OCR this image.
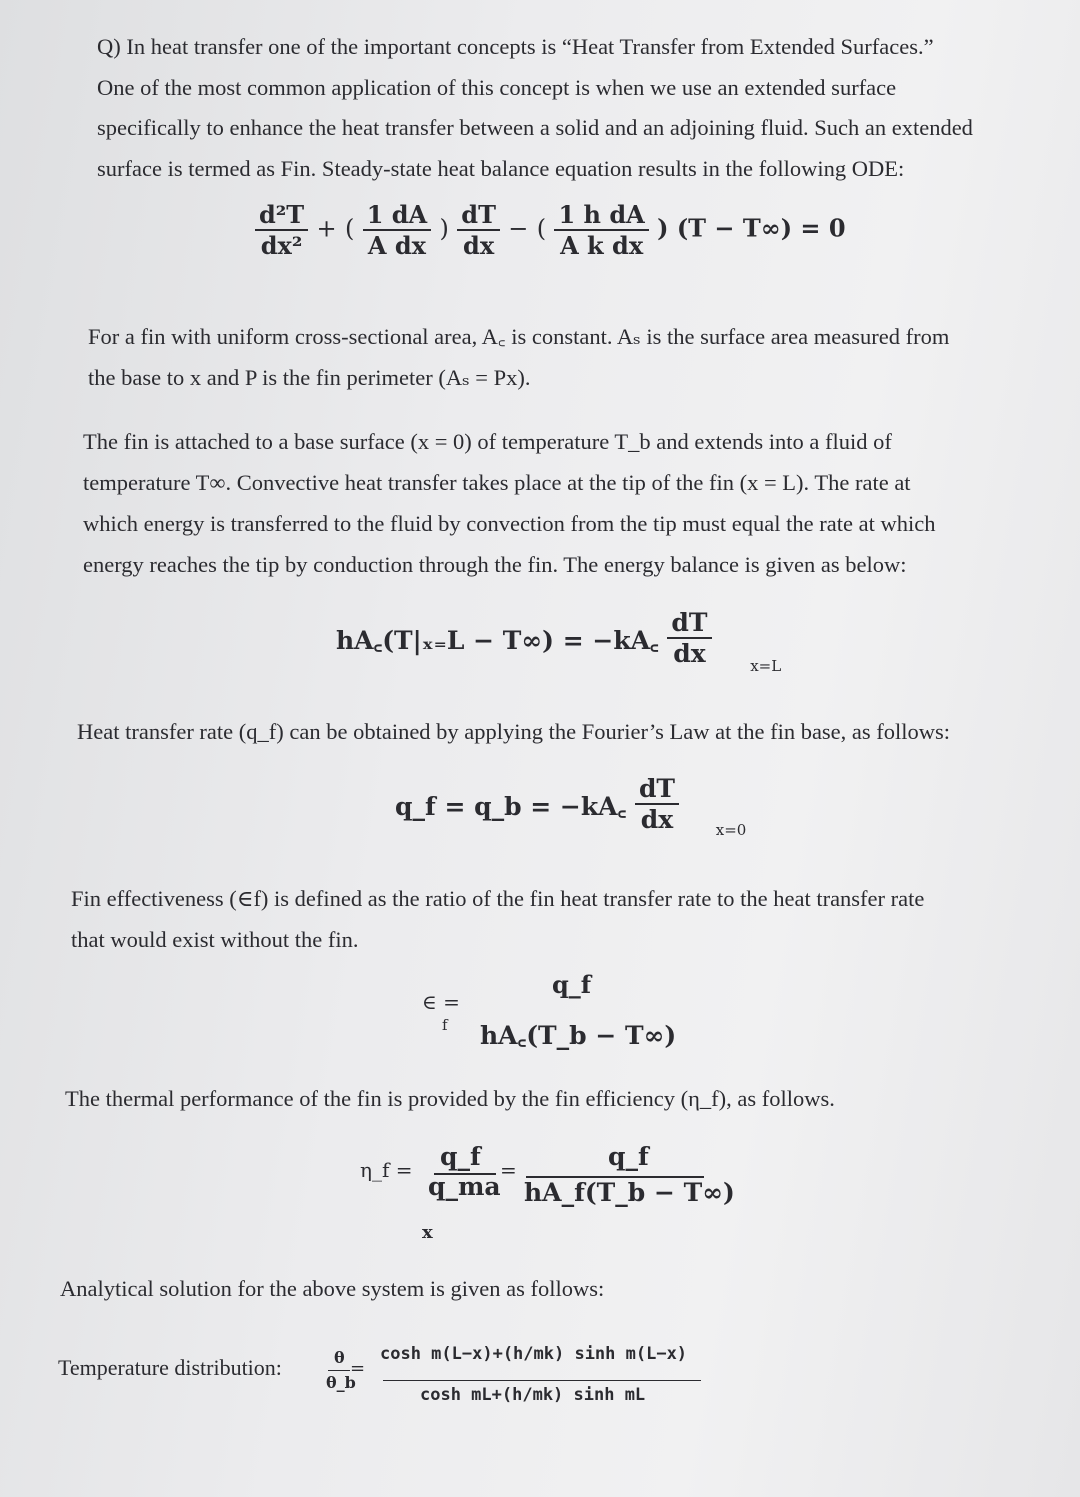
Q) In heat transfer one of the important concepts is “Heat Transfer from Extended Surfaces.”
One of the most common application of this concept is when we use an extended surface
specifically to enhance the heat transfer between a solid and an adjoining fluid. Such an extended
surface is termed as Fin. Steady-state heat balance equation results in the following ODE:
$\frac{\text{d²T}}{\text{dx²}}$ + ( $\frac{1 dA}{\text{A dx}}$ ) $\frac{dT}{dx}$ − ( $\frac{\text{1 h dA}}{\text{A k dx}}$ ) (T − T∞) = 0
For a fin with uniform cross-sectional area, A꜀ is constant. Aₛ is the surface area measured from
the base to x and P is the fin perimeter (Aₛ = Px).
The fin is attached to a base surface (x = 0) of temperature T_b and extends into a fluid of
temperature T∞. Convective heat transfer takes place at the tip of the fin (x = L). The rate at
which energy is transferred to the fluid by convection from the tip must equal the rate at which
energy reaches the tip by conduction through the fin. The energy balance is given as below:
hA꜀(T|ₓ₌L − T∞) = −kA꜀ $\frac{dT}{dx}$	$_{x=L}$
Heat transfer rate (q_f) can be obtained by applying the Fourier’s Law at the fin base, as follows:
q_f = q_b = −kA꜀ $\frac{dT}{dx} _{x=0}$
Fin effectiveness (∈f) is defined as the ratio of the fin heat transfer rate to the heat transfer rate
that would exist without the fin.
∈ =
f
q_f
hA꜀(T_b − T∞)
The thermal performance of the fin is provided by the fin efficiency (η_f), as follows.
η_f = q_f
q_ma
x
=	q_f
hA_f(T_b − T∞)
Analytical solution for the above system is given as follows:
Temperature distribution:	θ
θ_b
=
cosh m(L−x)+(h/mk) sinh m(L−x)
cosh mL+(h/mk) sinh mL
